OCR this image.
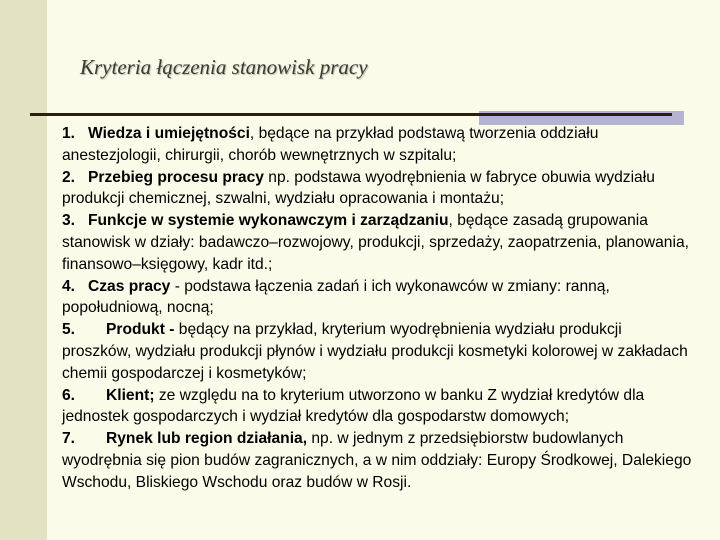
Kryteria łączenia stanowisk pracy

1. Wiedza i umiejętności, będące na przykład podstawą tworzenia oddziału anestezjologii, chirurgii, chorób wewnętrznych w szpitalu;

2. Przebieg procesu pracy np. podstawa wyodrębnienia w fabryce obuwia wydziału produkcji chemicznej, szwalni, wydziału opracowania i montażu;

3. Funkcje w systemie wykonawczym i zarządzaniu, będące zasadą grupowania stanowisk w działy: badawczo–rozwojowy, produkcji, sprzedaży, zaopatrzenia, planowania, finansowo–księgowy, kadr itd.;

4. Czas pracy - podstawa łączenia zadań i ich wykonawców w zmiany: ranną, popołudniową, nocną;

5. Produkt - będący na przykład, kryterium wyodrębnienia wydziału produkcji proszków, wydziału produkcji płynów i wydziału produkcji kosmetyki kolorowej w zakładach chemii gospodarczej i kosmetyków;

6. Klient; ze względu na to kryterium utworzono w banku Z wydział kredytów dla jednostek gospodarczych i wydział kredytów dla gospodarstw domowych;

7. Rynek lub region działania, np. w jednym z przedsiębiorstw budowlanych wyodrębnia się pion budów zagranicznych, a w nim oddziały: Europy Środkowej, Dalekiego Wschodu, Bliskiego Wschodu oraz budów w Rosji.
